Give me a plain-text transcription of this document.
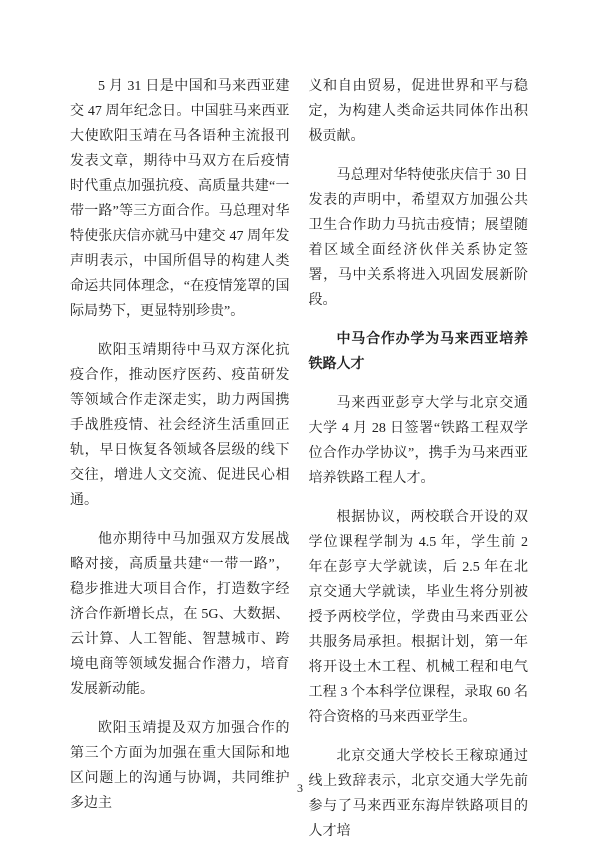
5 月 31 日是中国和马来西亚建交 47 周年纪念日。中国驻马来西亚大使欧阳玉靖在马各语种主流报刊发表文章，期待中马双方在后疫情时代重点加强抗疫、高质量共建“一带一路”等三方面合作。马总理对华特使张庆信亦就马中建交 47 周年发声明表示，中国所倡导的构建人类命运共同体理念，“在疫情笼罩的国际局势下，更显特别珍贵”。

欧阳玉靖期待中马双方深化抗疫合作，推动医疗医药、疫苗研发等领域合作走深走实，助力两国携手战胜疫情、社会经济生活重回正轨，早日恢复各领域各层级的线下交往，增进人文交流、促进民心相通。

他亦期待中马加强双方发展战略对接，高质量共建“一带一路”，稳步推进大项目合作，打造数字经济合作新增长点，在 5G、大数据、云计算、人工智能、智慧城市、跨境电商等领域发掘合作潜力，培育发展新动能。

欧阳玉靖提及双方加强合作的第三个方面为加强在重大国际和地区问题上的沟通与协调，共同维护多边主

义和自由贸易，促进世界和平与稳定，为构建人类命运共同体作出积极贡献。

马总理对华特使张庆信于 30 日发表的声明中，希望双方加强公共卫生合作助力马抗击疫情；展望随着区域全面经济伙伴关系协定签署，马中关系将进入巩固发展新阶段。

中马合作办学为马来西亚培养铁路人才

马来西亚彭亨大学与北京交通大学 4 月 28 日签署“铁路工程双学位合作办学协议”，携手为马来西亚培养铁路工程人才。

根据协议，两校联合开设的双学位课程学制为 4.5 年，学生前 2 年在彭亨大学就读，后 2.5 年在北京交通大学就读，毕业生将分别被授予两校学位，学费由马来西亚公共服务局承担。根据计划，第一年将开设土木工程、机械工程和电气工程 3 个本科学位课程，录取 60 名符合资格的马来西亚学生。

北京交通大学校长王稼琼通过线上致辞表示，北京交通大学先前参与了马来西亚东海岸铁路项目的人才培

3
